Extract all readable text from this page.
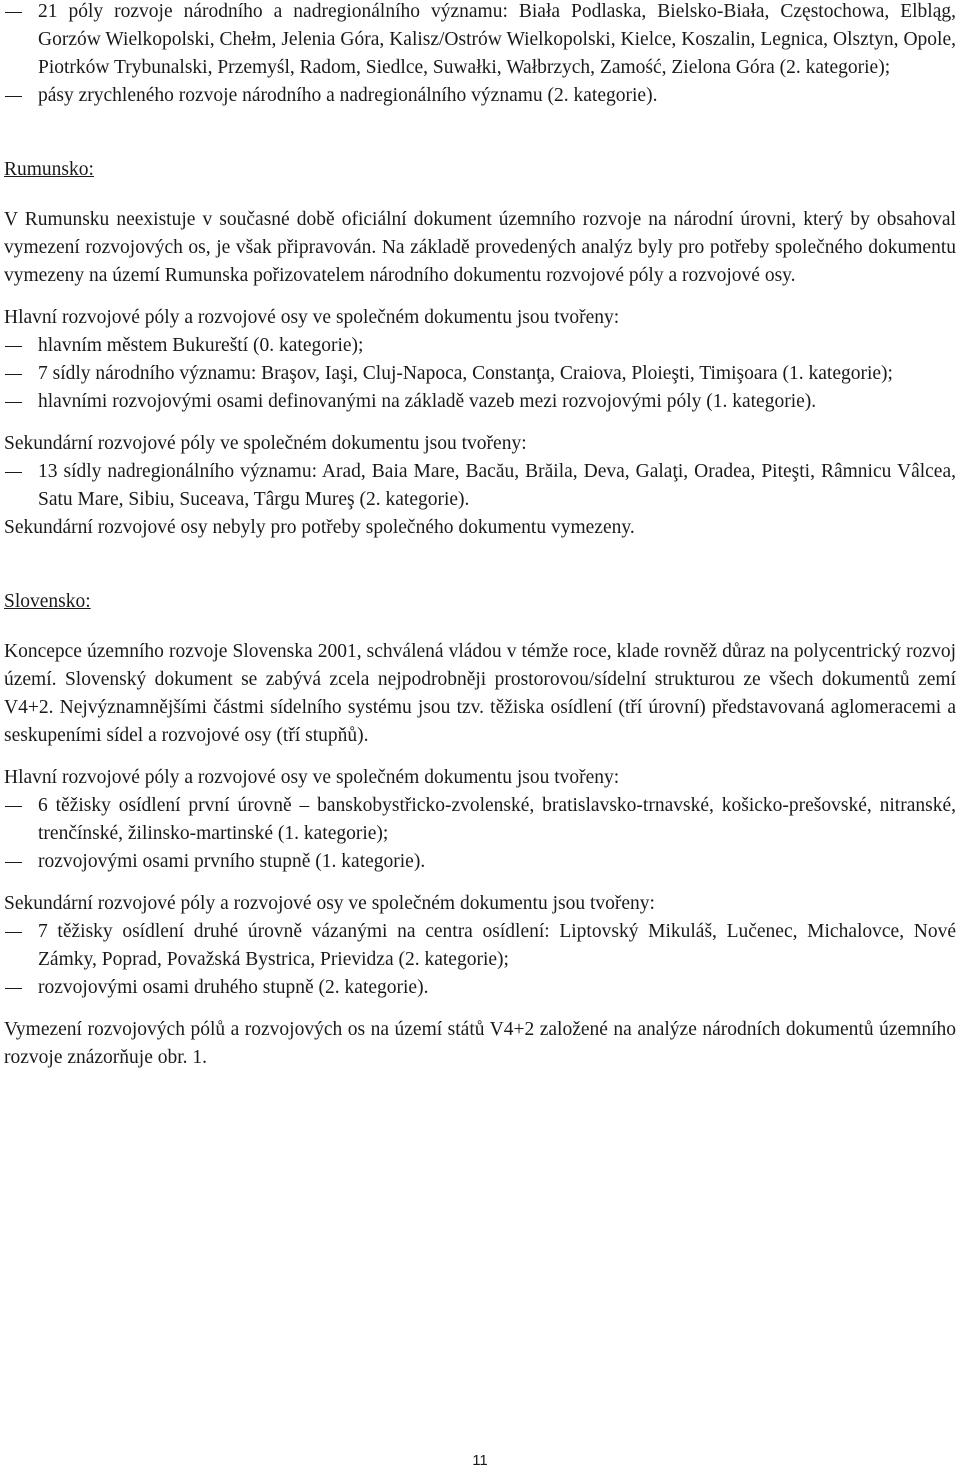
21 póly rozvoje národního a nadregionálního významu: Biała Podlaska, Bielsko-Biała, Częstochowa, Elbląg, Gorzów Wielkopolski, Chełm, Jelenia Góra, Kalisz/Ostrów Wielkopolski, Kielce, Koszalin, Legnica, Olsztyn, Opole, Piotrków Trybunalski, Przemyśl, Radom, Siedlce, Suwałki, Wałbrzych, Zamość, Zielona Góra (2. kategorie);
pásy zrychleného rozvoje národního a nadregionálního významu (2. kategorie).
Rumunsko:
V Rumunsku neexistuje v současné době oficiální dokument územního rozvoje na národní úrovni, který by obsahoval vymezení rozvojových os, je však připravován. Na základě provedených analýz byly pro potřeby společného dokumentu vymezeny na území Rumunska pořizovatelem národního dokumentu rozvojové póly a rozvojové osy.
Hlavní rozvojové póly a rozvojové osy ve společném dokumentu jsou tvořeny:
hlavním městem Bukureští (0. kategorie);
7 sídly národního významu: Braşov, Iaşi, Cluj-Napoca, Constanţa, Craiova, Ploieşti, Timişoara (1. kategorie);
hlavními rozvojovými osami definovanými na základě vazeb mezi rozvojovými póly (1. kategorie).
Sekundární rozvojové póly ve společném dokumentu jsou tvořeny:
13 sídly nadregionálního významu: Arad, Baia Mare, Bacău, Brăila, Deva, Galaţi, Oradea, Piteşti, Râmnicu Vâlcea, Satu Mare, Sibiu, Suceava, Târgu Mureş (2. kategorie).
Sekundární rozvojové osy nebyly pro potřeby společného dokumentu vymezeny.
Slovensko:
Koncepce územního rozvoje Slovenska 2001, schválená vládou v témže roce, klade rovněž důraz na polycentrický rozvoj území. Slovenský dokument se zabývá zcela nejpodrobněji prostorovou/sídelní strukturou ze všech dokumentů zemí V4+2. Nejvýznamnějšími částmi sídelního systému jsou tzv. těžiska osídlení (tří úrovní) představovaná aglomeracemi a seskupeními sídel a rozvojové osy (tří stupňů).
Hlavní rozvojové póly a rozvojové osy ve společném dokumentu jsou tvořeny:
6 těžisky osídlení první úrovně – banskobystřicko-zvolenské, bratislavsko-trnavské, košicko-prešovské, nitranské, trenčínské, žilinsko-martinské (1. kategorie);
rozvojovými osami prvního stupně (1. kategorie).
Sekundární rozvojové póly a rozvojové osy ve společném dokumentu jsou tvořeny:
7 těžisky osídlení druhé úrovně vázanými na centra osídlení: Liptovský Mikuláš, Lučenec, Michalovce, Nové Zámky, Poprad, Považská Bystrica, Prievidza (2. kategorie);
rozvojovými osami druhého stupně (2. kategorie).
Vymezení rozvojových pólů a rozvojových os na území států V4+2 založené na analýze národních dokumentů územního rozvoje znázorňuje obr. 1.
11
